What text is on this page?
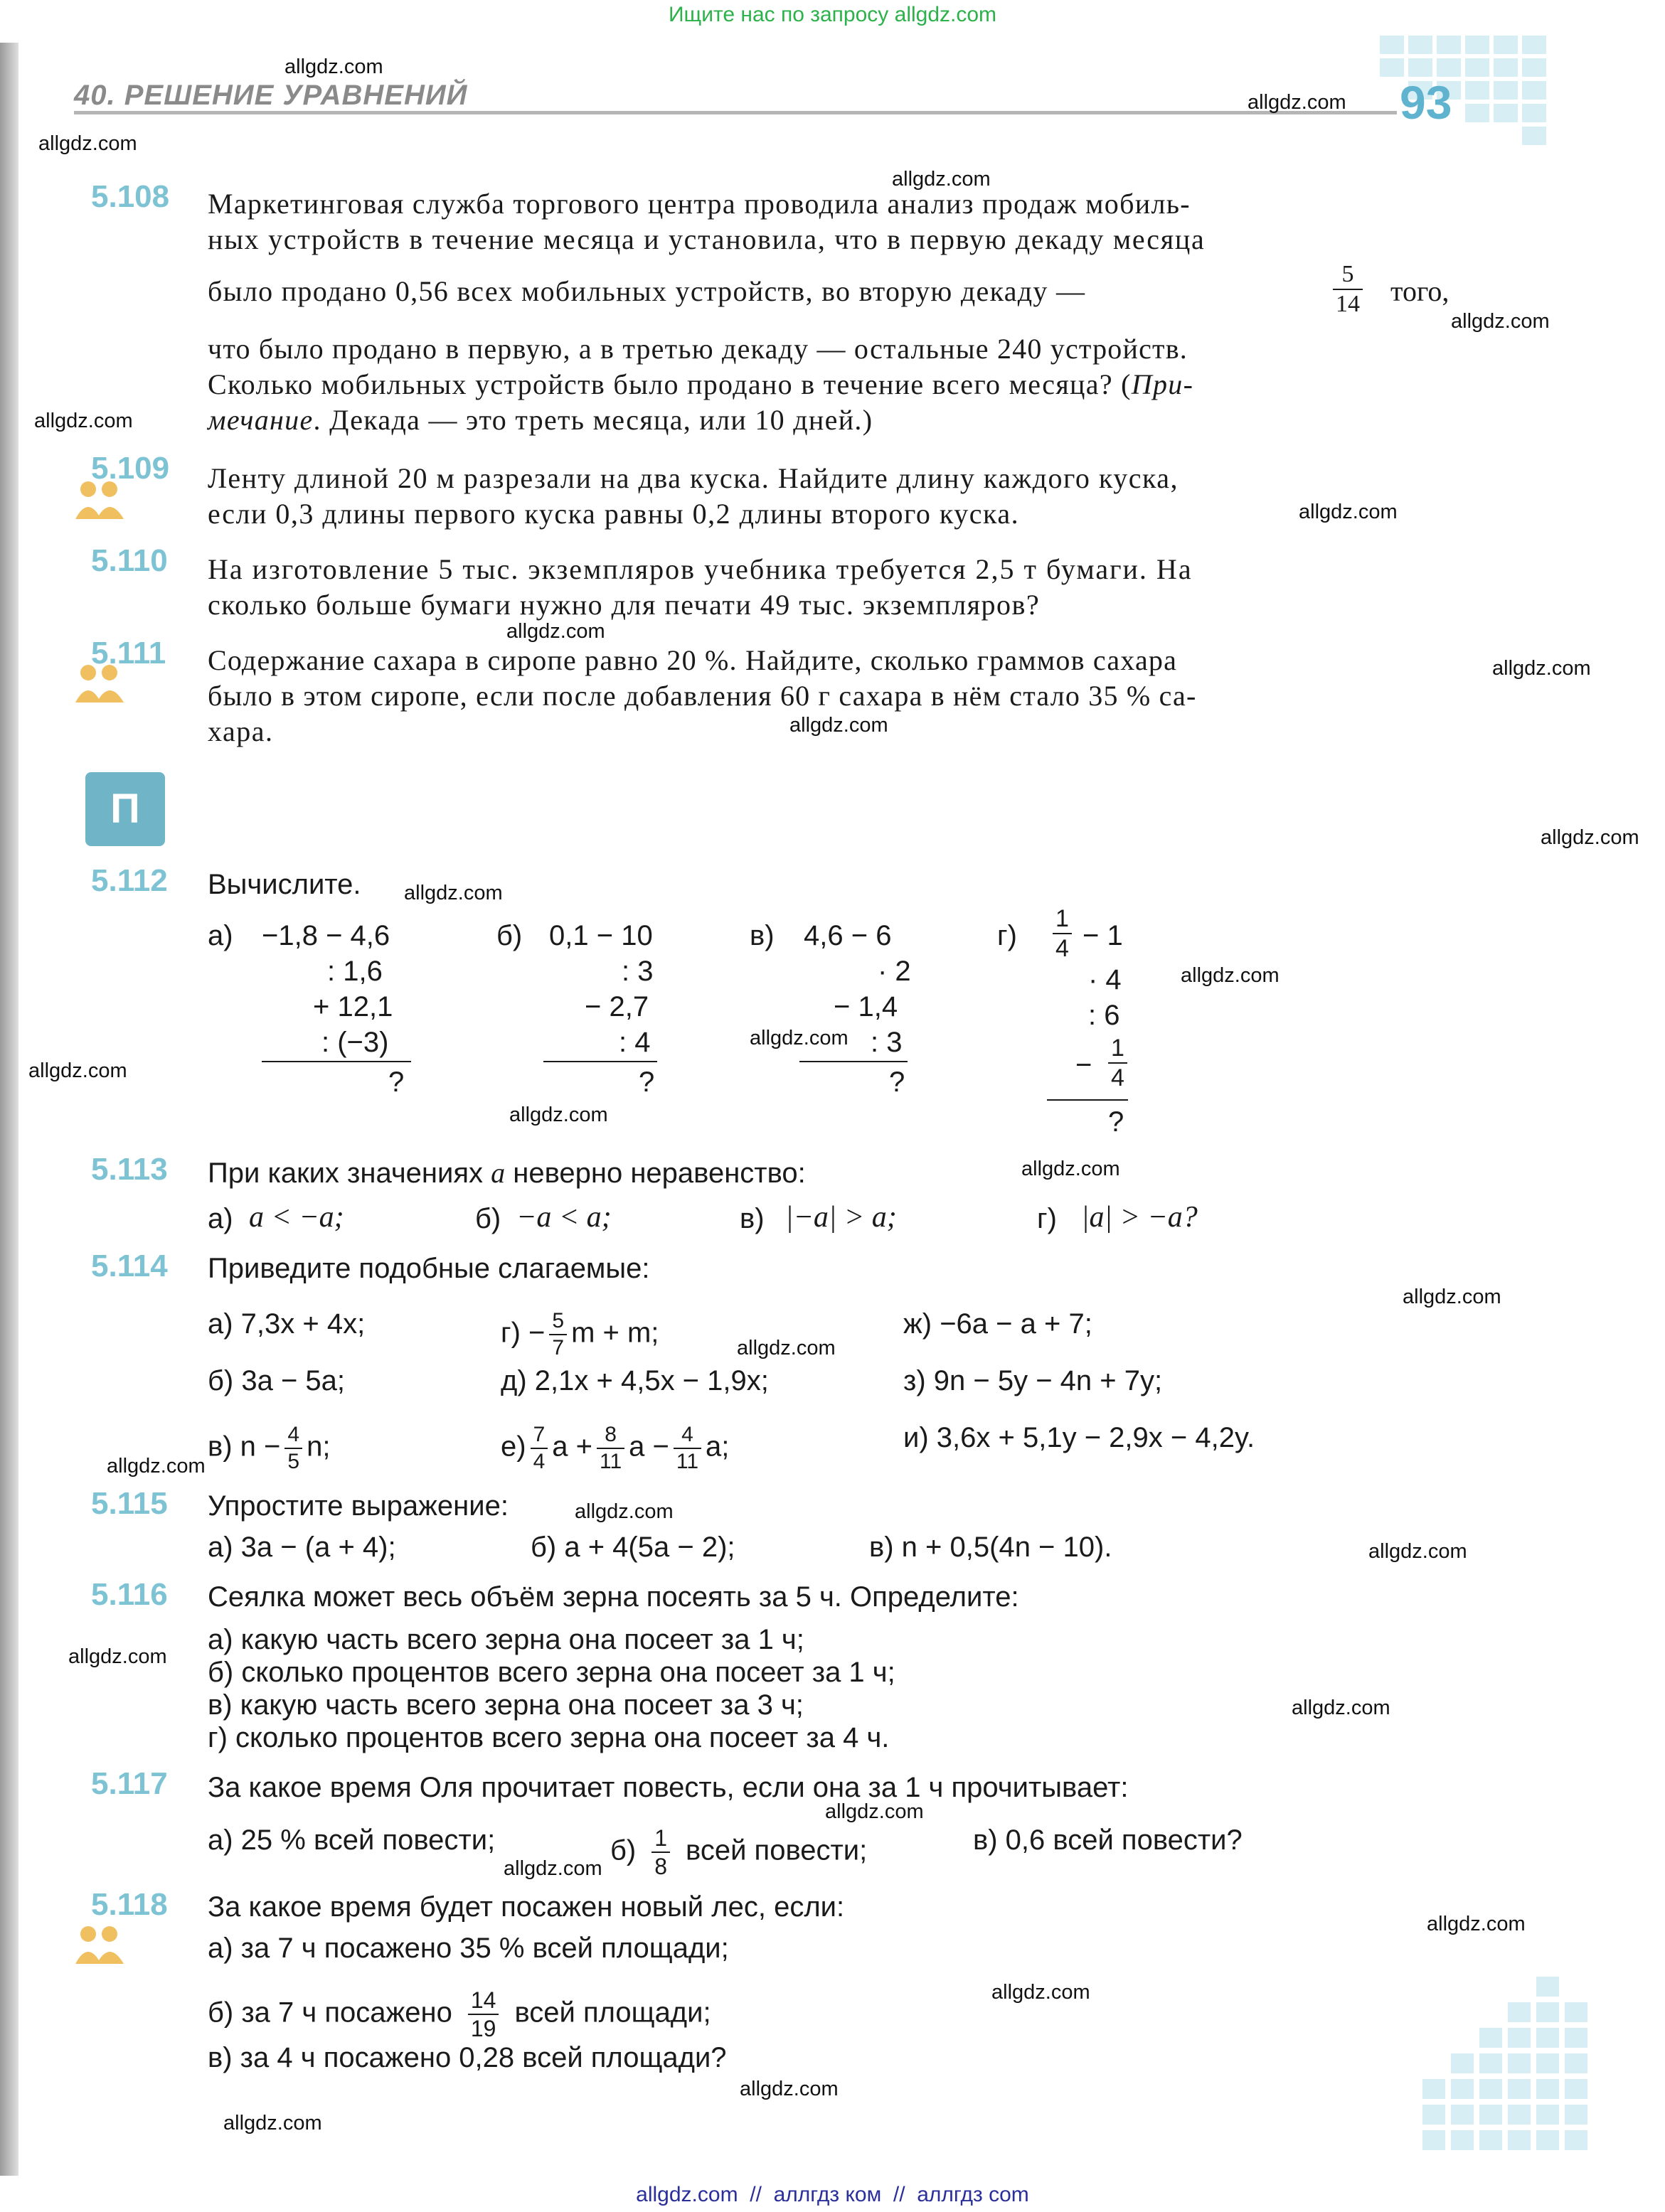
Ищите нас по запросу allgdz.com
40. РЕШЕНИЕ УРАВНЕНИЙ	93
5.108 Маркетинговая служба торгового центра проводила анализ продаж мобиль-
ных устройств в течение месяца и установила, что в первую декаду месяца
было продано 0,56 всех мобильных устройств, во вторую декаду —	$\frac{5}{14}$ того,
что было продано в первую, а в третью декаду — остальные 240 устройств.
Сколько мобильных устройств было продано в течение всего месяца? (При-
мечание. Декада — это треть месяца, или 10 дней.)
5.109 Ленту длиной 20 м разрезали на два куска. Найдите длину каждого куска,
если 0,3 длины первого куска равны 0,2 длины второго куска.
5.110 На изготовление 5 тыс. экземпляров учебника требуется 2,5 т бумаги. На
сколько больше бумаги нужно для печати 49 тыс. экземпляров?
5.111 Содержание сахара в сиропе равно 20 %. Найдите, сколько граммов сахара
было в этом сиропе, если после добавления 60 г сахара в нём стало 35 % са-
хара.
П
5.112 Вычислите.
а) −1,8 − 4,6
: 1,6
+ 12,1
: (−3)
?
б) 0,1 − 10
: 3
− 2,7
: 4
?
в) 4,6 − 6
· 2
− 1,4
: 3
?
$г) \frac{1}{4} - 1$
· 4
: 6
− $\frac{1}{4}$
?
5.113 При каких значениях a неверно неравенство:
а) a < −a;	б) −a < a;	в) |−a| > a;	г) |a| > −a?
5.114 Приведите подобные слагаемые:
а) 7,3x + 4x;	$г) - \frac{5}{7}$ m + m;	ж) −6a − a + 7;
б) 3a − 5a;	д) 2,1x + 4,5x − 1,9x;	з) 9n − 5y − 4n + 7y;
в) $n - \frac{4}{5} n$;	$е) \frac{7}{4}$ $a + \frac{8}{11}$ $a - \frac{4}{11} a$;	и) 3,6x + 5,1y − 2,9x − 4,2y.
5.115 Упростите выражение:
а) 3a − (a + 4);	б) a + 4(5a − 2);	в) n + 0,5(4n − 10).
5.116 Сеялка может весь объём зерна посеять за 5 ч. Определите:
а) какую часть всего зерна она посеет за 1 ч;
б) сколько процентов всего зерна она посеет за 1 ч;
в) какую часть всего зерна она посеет за 3 ч;
г) сколько процентов всего зерна она посеет за 4 ч.
5.117 За какое время Оля прочитает повесть, если она за 1 ч прочитывает:
а) 25 % всей повести;	$б) \frac{1}{8}$ всей повести;	в) 0,6 всей повести?
5.118 За какое время будет посажен новый лес, если:
а) за 7 ч посажено 35 % всей площади;
б) за 7 ч посажено $\frac{14}{19}$ всей площади;
в) за 4 ч посажено 0,28 всей площади?
allgdz.com
allgdz.com
allgdz.com
allgdz.com
allgdz.com
allgdz.com
allgdz.com
allgdz.com
allgdz.com
allgdz.com
allgdz.com
allgdz.com
allgdz.com
allgdz.com
allgdz.com
allgdz.com
allgdz.com
allgdz.com
allgdz.com
allgdz.com
allgdz.com
allgdz.com
allgdz.com
allgdz.com
allgdz.com
allgdz.com
allgdz.com
allgdz.com
allgdz.com
allgdz.com
allgdz.com  //  аллгдз ком  //  аллгдз com
